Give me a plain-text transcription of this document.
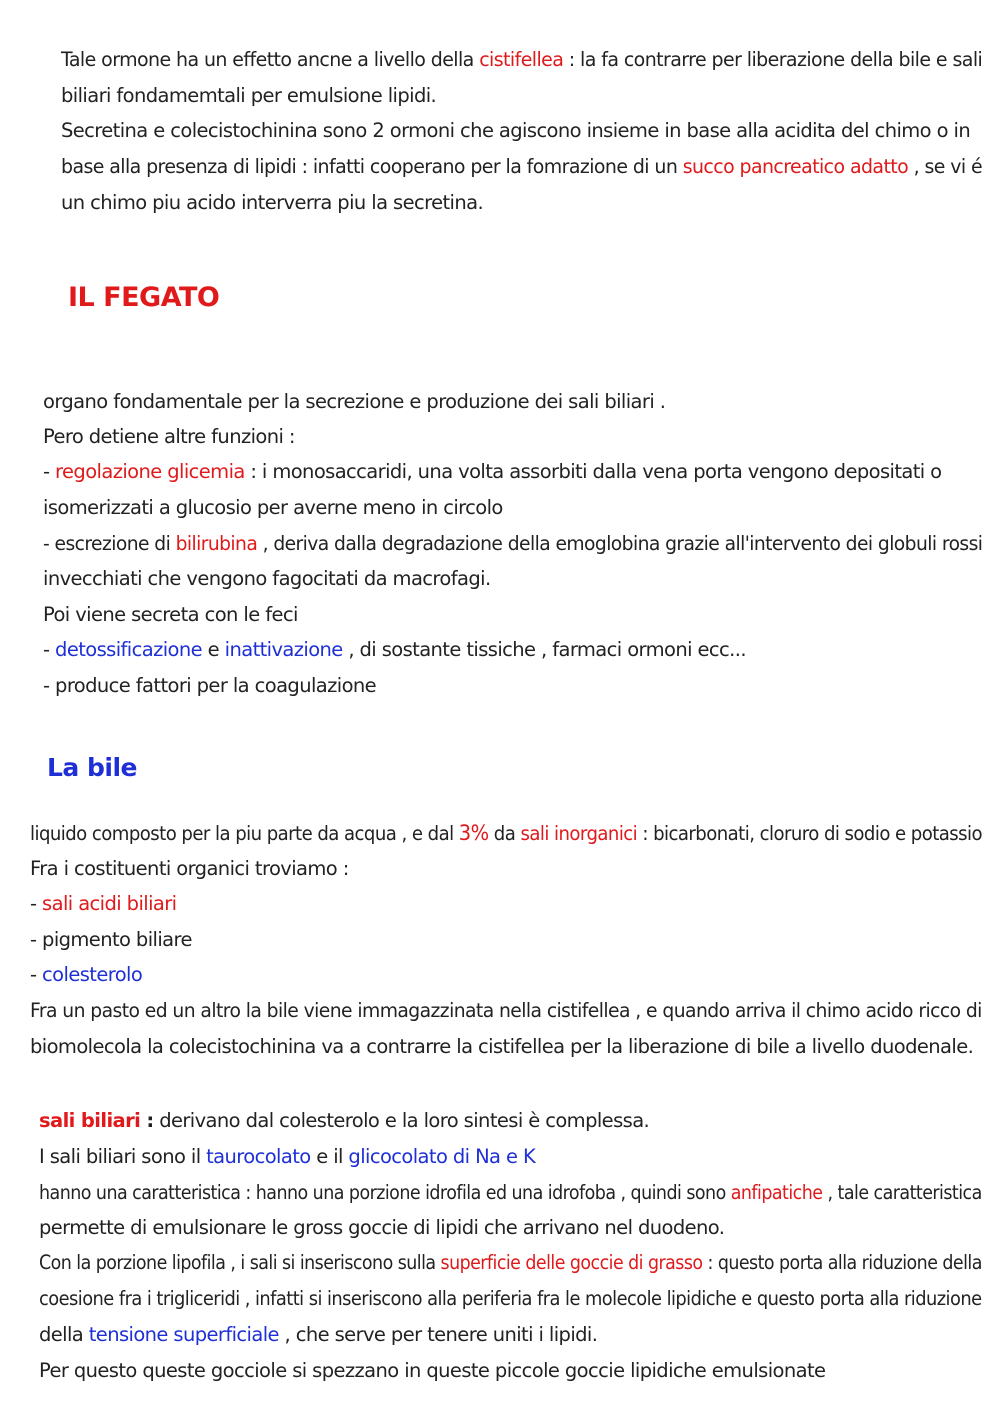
Tale ormone ha un effetto ancne a livello della cistifellea : la fa contrarre per liberazione della bile e sali
biliari fondamemtali per emulsione lipidi.
Secretina e colecistochinina sono 2 ormoni che agiscono insieme in base alla acidita del chimo o in
base alla presenza di lipidi : infatti cooperano per la fomrazione di un succo pancreatico adatto , se vi é
un chimo piu acido interverra piu la secretina.
IL FEGATO
organo fondamentale per la secrezione e produzione dei sali biliari .
Pero detiene altre funzioni :
- regolazione glicemia : i monosaccaridi, una volta assorbiti dalla vena porta vengono depositati o
isomerizzati a glucosio per averne meno in circolo
- escrezione di bilirubina , deriva dalla degradazione della emoglobina grazie all'intervento dei globuli rossi
invecchiati che vengono fagocitati da macrofagi.
Poi viene secreta con le feci
- detossificazione e inattivazione , di sostante tissiche , farmaci ormoni ecc...
- produce fattori per la coagulazione
La bile
liquido composto per la piu parte da acqua , e dal 3% da sali inorganici : bicarbonati, cloruro di sodio e potassio
Fra i costituenti organici troviamo :
- sali acidi biliari
- pigmento biliare
- colesterolo
Fra un pasto ed un altro la bile viene immagazzinata nella cistifellea , e quando arriva il chimo acido ricco di
biomolecola la colecistochinina va a contrarre la cistifellea per la liberazione di bile a livello duodenale.
sali biliari : derivano dal colesterolo e la loro sintesi è complessa.
I sali biliari sono il taurocolato e il glicocolato di Na e K
hanno una caratteristica : hanno una porzione idrofila ed una idrofoba , quindi sono anfipatiche , tale caratteristica
permette di emulsionare le gross goccie di lipidi che arrivano nel duodeno.
Con la porzione lipofila , i sali si inseriscono sulla superficie delle goccie di grasso : questo porta alla riduzione della
coesione fra i trigliceridi , infatti si inseriscono alla periferia fra le molecole lipidiche e questo porta alla riduzione
della tensione superficiale , che serve per tenere uniti i lipidi.
Per questo queste gocciole si spezzano in queste piccole goccie lipidiche emulsionate
